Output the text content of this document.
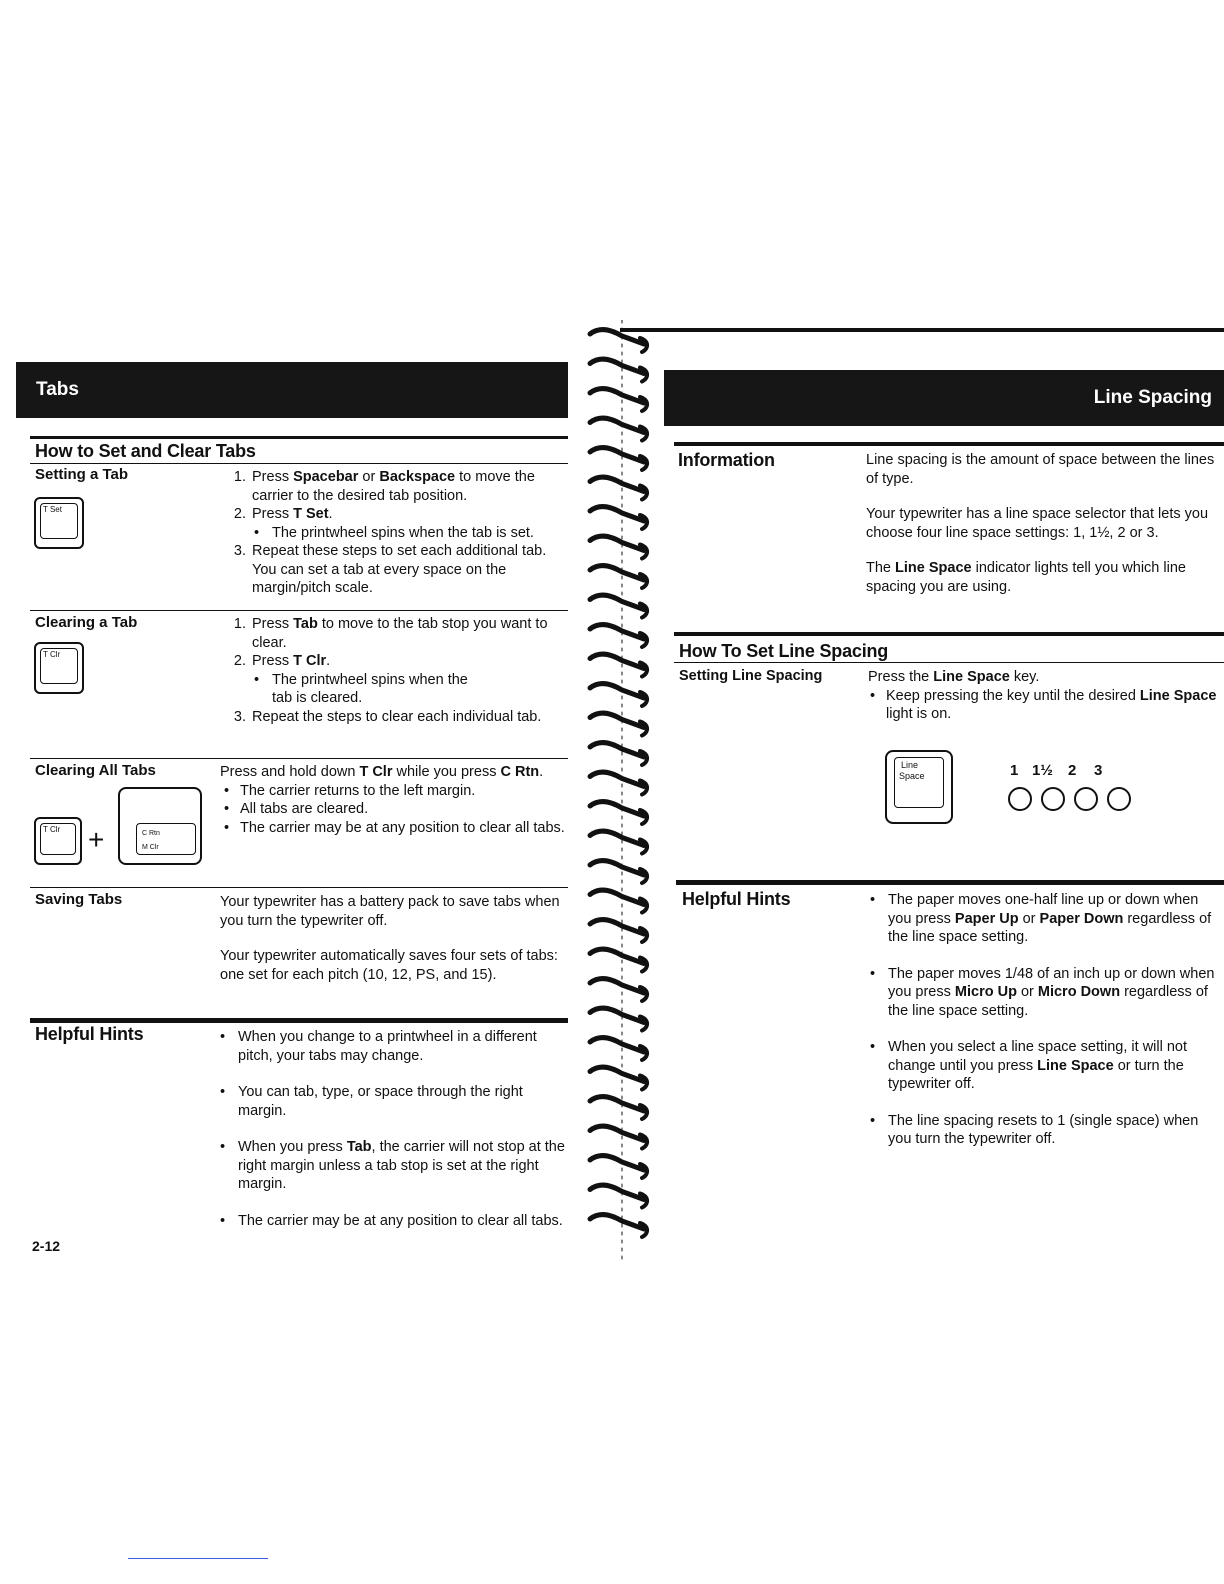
Tabs
How to Set and Clear Tabs
Setting a Tab
T Set
1. Press Spacebar or Backspace to move the carrier to the desired tab position.
2. Press T Set.
• The printwheel spins when the tab is set.
3. Repeat these steps to set each additional tab. You can set a tab at every space on the margin/pitch scale.
Clearing a Tab
T Clr
1. Press Tab to move to the tab stop you want to clear.
2. Press T Clr.
• The printwheel spins when the tab is cleared.
3. Repeat the steps to clear each individual tab.
Clearing All Tabs
T Clr +	C Rtn
M Clr
Press and hold down T Clr while you press C Rtn.
• The carrier returns to the left margin.
• All tabs are cleared.
• The carrier may be at any position to clear all tabs.
Saving Tabs	Your typewriter has a battery pack to save tabs when you turn the typewriter off.

Your typewriter automatically saves four sets of tabs: one set for each pitch (10, 12, PS, and 15).

Helpful Hints	• When you change to a printwheel in a different pitch, your tabs may change.
• You can tab, type, or space through the right margin.
• When you press Tab, the carrier will not stop at the right margin unless a tab stop is set at the right margin.
• The carrier may be at any position to clear all tabs.
2-12
Line Spacing
Information	Line spacing is the amount of space between the lines of type.

Your typewriter has a line space selector that lets you choose four line space settings: 1, 1½, 2 or 3.

The Line Space indicator lights tell you which line spacing you are using.

How To Set Line Spacing
Setting Line Spacing	Press the Line Space key.
• Keep pressing the key until the desired Line Space light is on.
Line
Space	1 1½ 2 3
Helpful Hints	• The paper moves one-half line up or down when you press Paper Up or Paper Down regardless of the line space setting.
• The paper moves 1/48 of an inch up or down when you press Micro Up or Micro Down regardless of the line space setting.
• When you select a line space setting, it will not change until you press Line Space or turn the typewriter off.
• The line spacing resets to 1 (single space) when you turn the typewriter off.
